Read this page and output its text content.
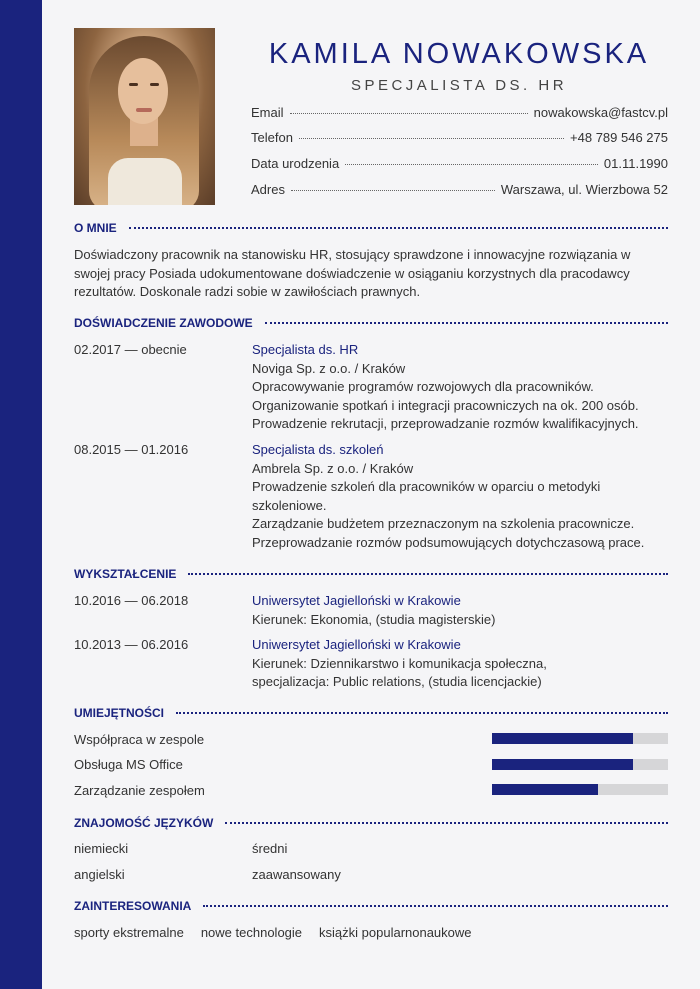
KAMILA NOWAKOWSKA
SPECJALISTA DS. HR
Email	nowakowska@fastcv.pl
Telefon	+48 789 546 275
Data urodzenia	01.11.1990
Adres	Warszawa, ul. Wierzbowa 52
O MNIE
Doświadczony pracownik na stanowisku HR, stosujący sprawdzone i innowacyjne rozwiązania w
swojej pracy Posiada udokumentowane doświadczenie w osiąganiu korzystnych dla pracodawcy
rezultatów. Doskonale radzi sobie w zawiłościach prawnych.
DOŚWIADCZENIE ZAWODOWE
02.2017 — obecnie	Specjalista ds. HR
Noviga Sp. z o.o. / Kraków
Opracowywanie programów rozwojowych dla pracowników.
Organizowanie spotkań i integracji pracowniczych na ok. 200 osób.
Prowadzenie rekrutacji, przeprowadzanie rozmów kwalifikacyjnych.
08.2015 — 01.2016	Specjalista ds. szkoleń
Ambrela Sp. z o.o. / Kraków
Prowadzenie szkoleń dla pracowników w oparciu o metodyki
szkoleniowe.
Zarządzanie budżetem przeznaczonym na szkolenia pracownicze.
Przeprowadzanie rozmów podsumowujących dotychczasową prace.
WYKSZTAŁCENIE
10.2016 — 06.2018	Uniwersytet Jagielloński w Krakowie
Kierunek: Ekonomia, (studia magisterskie)
10.2013 — 06.2016	Uniwersytet Jagielloński w Krakowie
Kierunek: Dziennikarstwo i komunikacja społeczna,
specjalizacja: Public relations, (studia licencjackie)
UMIEJĘTNOŚCI
Współpraca w zespole
Obsługa MS Office
Zarządzanie zespołem
ZNAJOMOŚĆ JĘZYKÓW
niemiecki	średni
angielski	zaawansowany
ZAINTERESOWANIA
sporty ekstremalne nowe technologie książki popularnonaukowe
